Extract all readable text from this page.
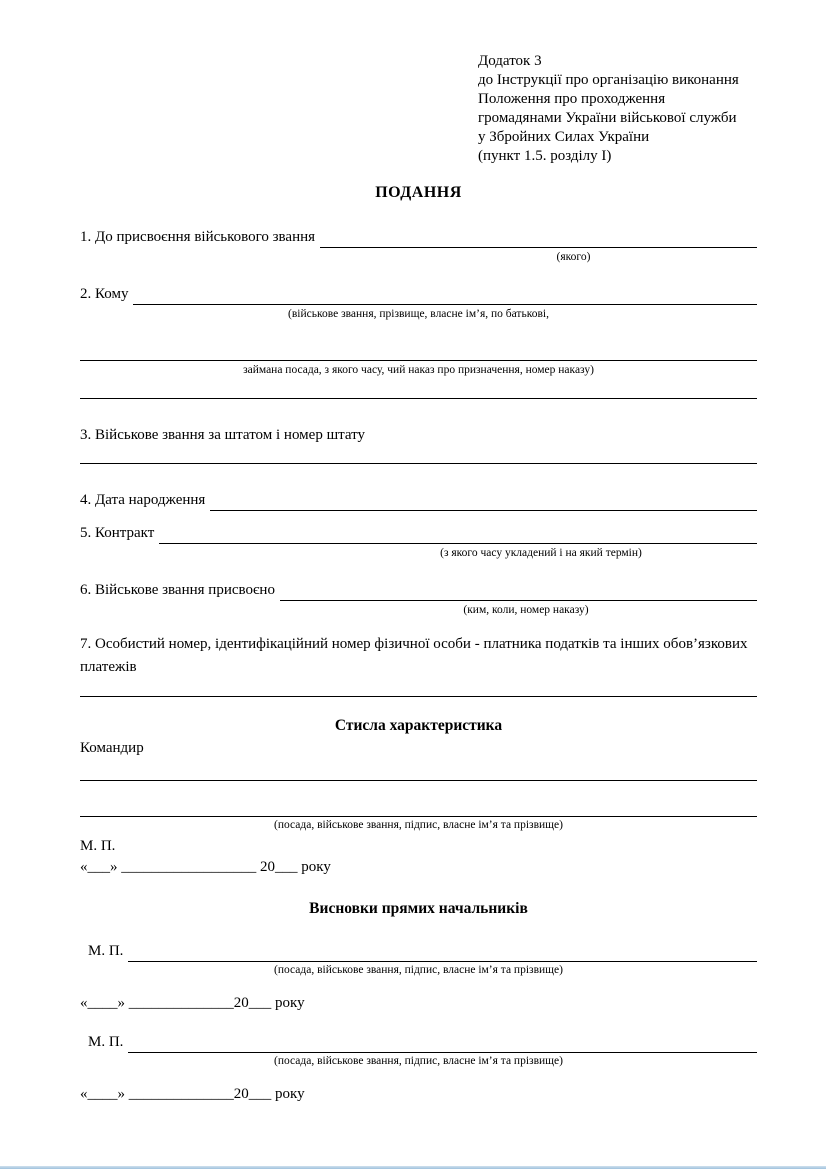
Додаток 3
до Інструкції про організацію виконання
Положення про проходження
громадянами України військової служби
у Збройних Силах України
(пункт 1.5. розділу І)
ПОДАННЯ
1. До присвоєння військового звання
(якого)
2. Кому
(військове звання, прізвище, власне ім’я, по батькові,
займана посада, з якого часу, чий наказ про призначення, номер наказу)
3. Військове звання за штатом і номер штату
4. Дата народження
5. Контракт
(з якого часу укладений і на який термін)
6. Військове звання присвоєно
(ким, коли, номер наказу)
7. Особистий номер, ідентифікаційний номер фізичної особи - платника податків та інших обов’язкових платежів
Стисла характеристика
Командир
(посада, військове звання, підпис, власне ім’я та прізвище)
М. П.
«___» __________________ 20___ року
Висновки прямих начальників
М. П.
(посада, військове звання, підпис, власне ім’я та прізвище)
«____» ______________20___ року
М. П.
(посада, військове звання, підпис, власне ім’я та прізвище)
«____» ______________20___ року
